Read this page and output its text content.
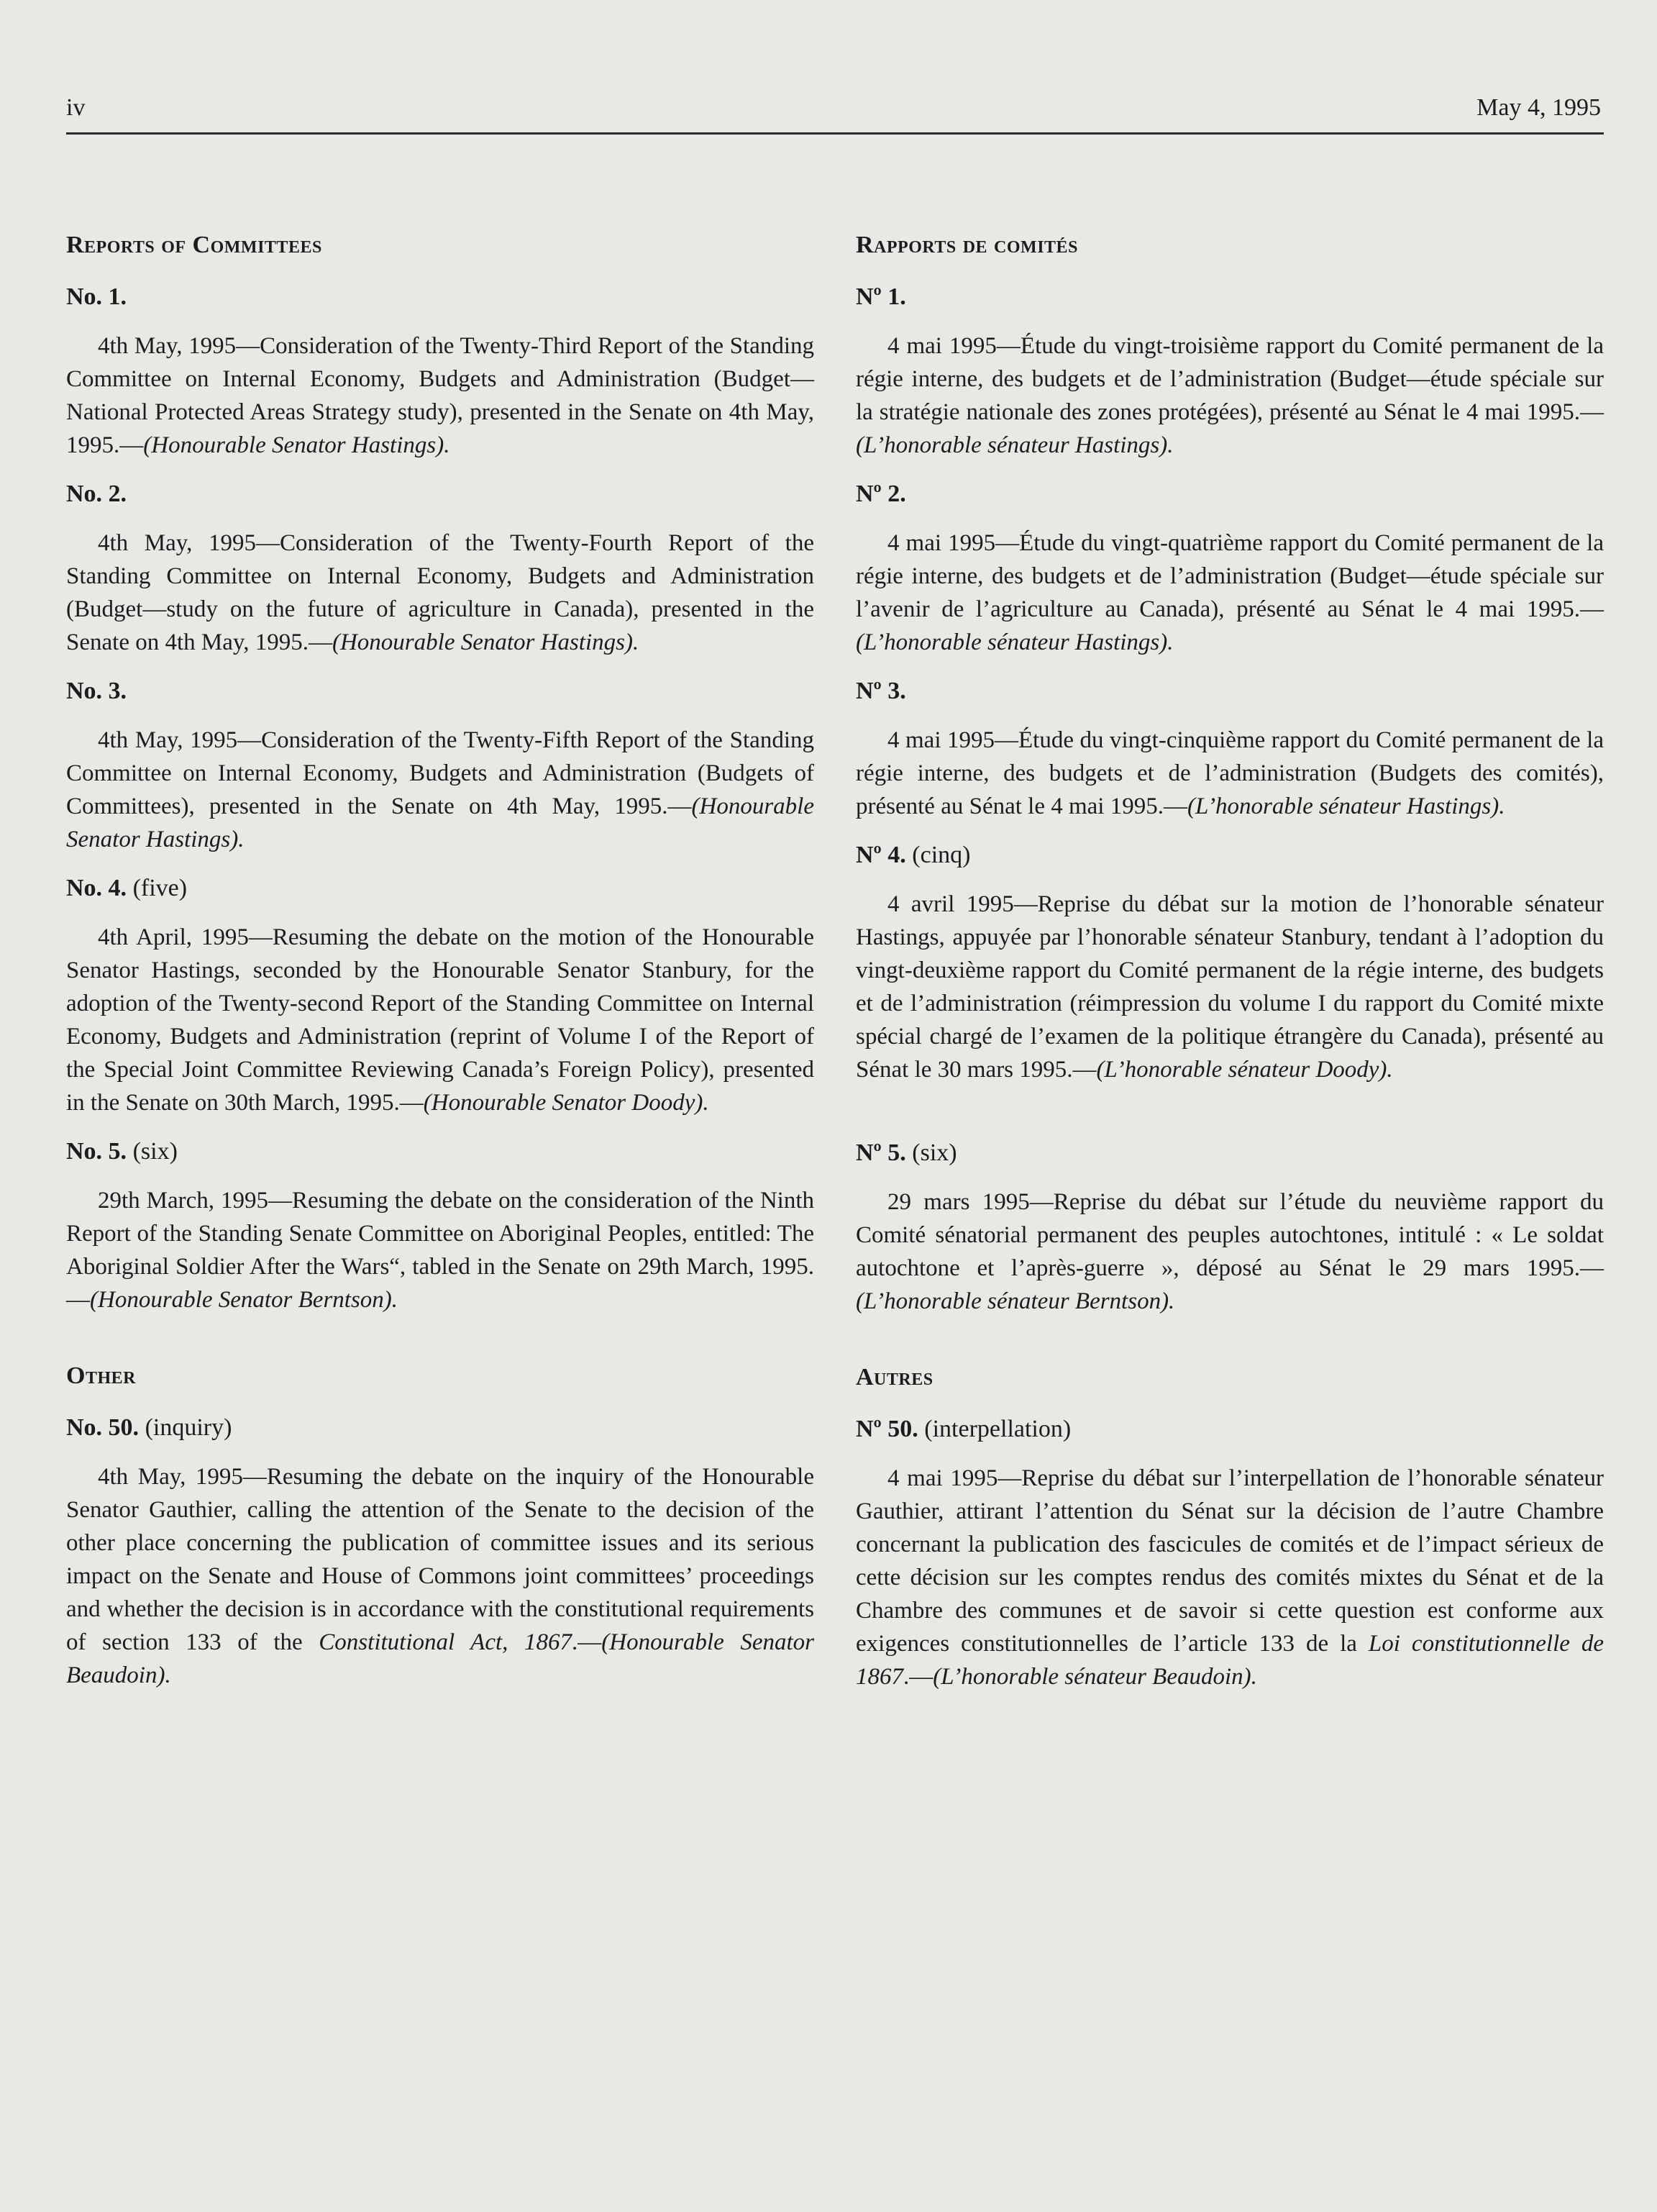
iv	May 4, 1995
Reports of Committees
No. 1.

4th May, 1995—Consideration of the Twenty-Third Report of the Standing Committee on Internal Economy, Budgets and Administration (Budget—National Protected Areas Strategy study), presented in the Senate on 4th May, 1995.—(Honourable Senator Hastings).

No. 2.

4th May, 1995—Consideration of the Twenty-Fourth Report of the Standing Committee on Internal Economy, Budgets and Administration (Budget—study on the future of agriculture in Canada), presented in the Senate on 4th May, 1995.—(Honourable Senator Hastings).

No. 3.

4th May, 1995—Consideration of the Twenty-Fifth Report of the Standing Committee on Internal Economy, Budgets and Administration (Budgets of Committees), presented in the Senate on 4th May, 1995.—(Honourable Senator Hastings).

No. 4. (five)

4th April, 1995—Resuming the debate on the motion of the Honourable Senator Hastings, seconded by the Honourable Senator Stanbury, for the adoption of the Twenty-second Report of the Standing Committee on Internal Economy, Budgets and Administration (reprint of Volume I of the Report of the Special Joint Committee Reviewing Canada’s Foreign Policy), presented in the Senate on 30th March, 1995.—(Honourable Senator Doody).

No. 5. (six)

29th March, 1995—Resuming the debate on the consideration of the Ninth Report of the Standing Senate Committee on Aboriginal Peoples, entitled: The Aboriginal Soldier After the Wars“, tabled in the Senate on 29th March, 1995.—(Honourable Senator Berntson).

Other
No. 50. (inquiry)

4th May, 1995—Resuming the debate on the inquiry of the Honourable Senator Gauthier, calling the attention of the Senate to the decision of the other place concerning the publication of committee issues and its serious impact on the Senate and House of Commons joint committees’ proceedings and whether the decision is in accordance with the constitutional requirements of section 133 of the Constitutional Act, 1867.—(Honourable Senator Beaudoin).

Rapports de comités
Nº 1.

4 mai 1995—Étude du vingt-troisième rapport du Comité permanent de la régie interne, des budgets et de l’administration (Budget—étude spéciale sur la stratégie nationale des zones protégées), présenté au Sénat le 4 mai 1995.—(L’honorable sénateur Hastings).

Nº 2.

4 mai 1995—Étude du vingt-quatrième rapport du Comité permanent de la régie interne, des budgets et de l’administration (Budget—étude spéciale sur l’avenir de l’agriculture au Canada), présenté au Sénat le 4 mai 1995.—(L’honorable sénateur Hastings).

Nº 3.

4 mai 1995—Étude du vingt-cinquième rapport du Comité permanent de la régie interne, des budgets et de l’administration (Budgets des comités), présenté au Sénat le 4 mai 1995.—(L’honorable sénateur Hastings).

Nº 4. (cinq)

4 avril 1995—Reprise du débat sur la motion de l’honorable sénateur Hastings, appuyée par l’honorable sénateur Stanbury, tendant à l’adoption du vingt-deuxième rapport du Comité permanent de la régie interne, des budgets et de l’administration (réimpression du volume I du rapport du Comité mixte spécial chargé de l’examen de la politique étrangère du Canada), présenté au Sénat le 30 mars 1995.—(L’honorable sénateur Doody).

Nº 5. (six)

29 mars 1995—Reprise du débat sur l’étude du neuvième rapport du Comité sénatorial permanent des peuples autochtones, intitulé : « Le soldat autochtone et l’après-guerre », déposé au Sénat le 29 mars 1995.—(L’honorable sénateur Berntson).

Autres
Nº 50. (interpellation)

4 mai 1995—Reprise du débat sur l’interpellation de l’honorable sénateur Gauthier, attirant l’attention du Sénat sur la décision de l’autre Chambre concernant la publication des fascicules de comités et de l’impact sérieux de cette décision sur les comptes rendus des comités mixtes du Sénat et de la Chambre des communes et de savoir si cette question est conforme aux exigences constitutionnelles de l’article 133 de la Loi constitutionnelle de 1867.—(L’honorable sénateur Beaudoin).
